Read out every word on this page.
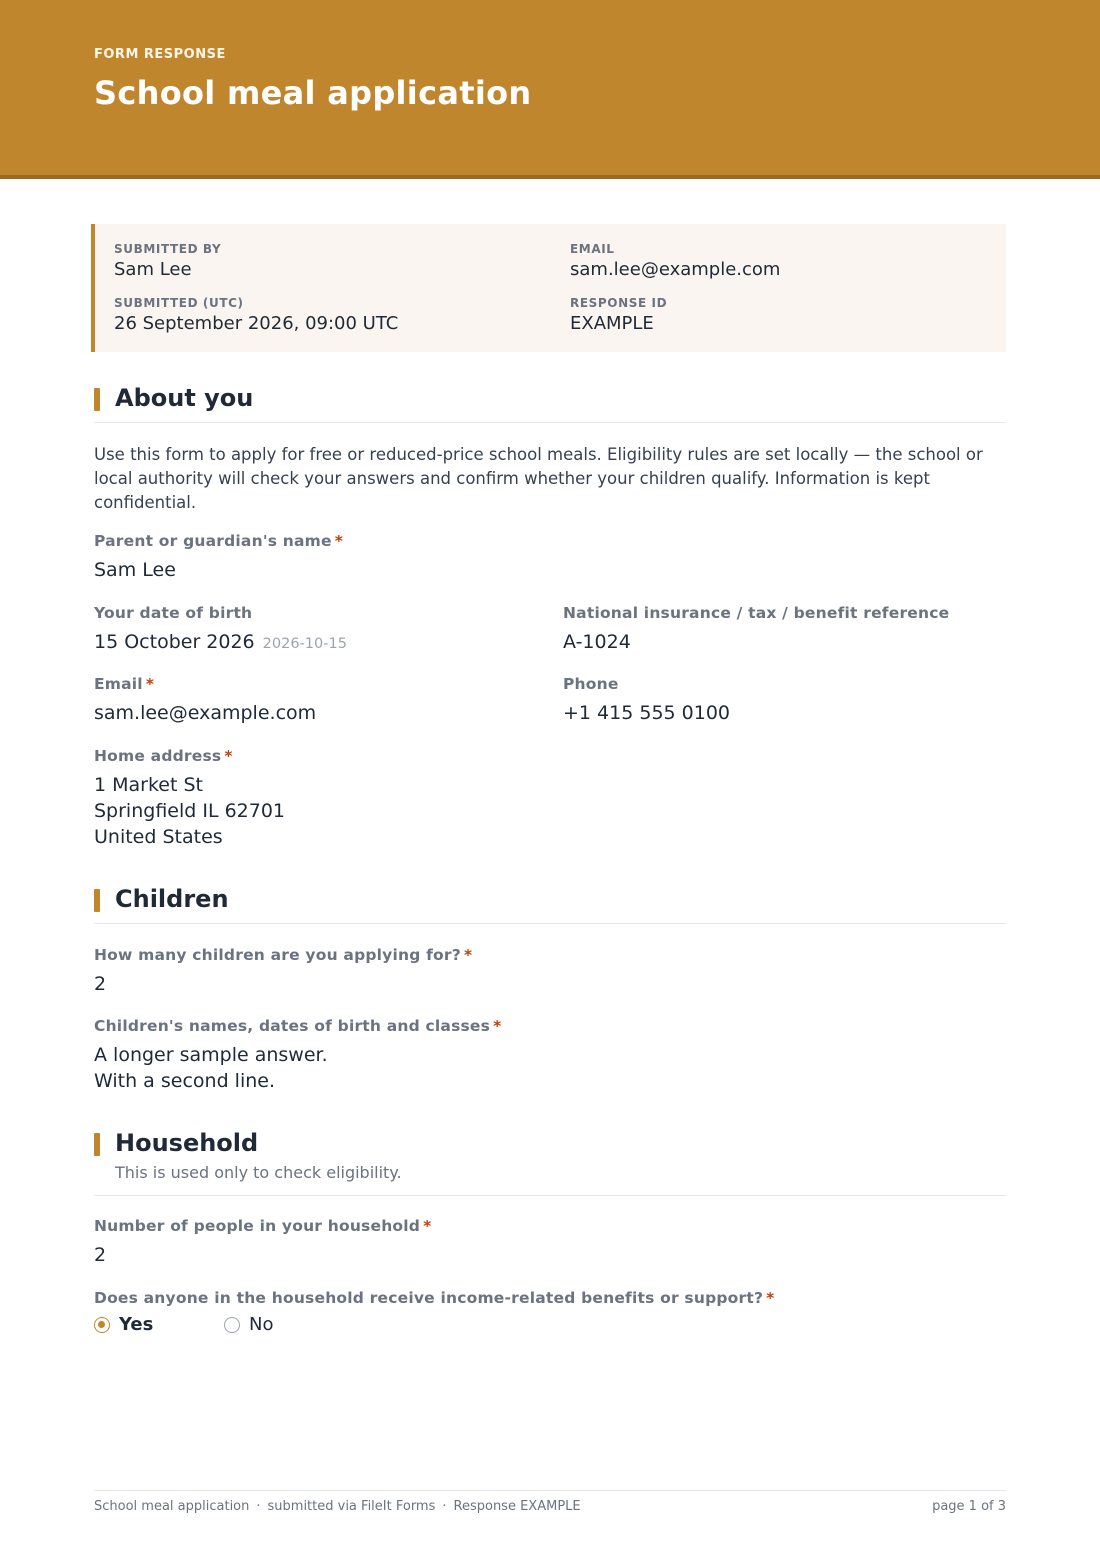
FORM RESPONSE
School meal application
SUBMITTED BY
Sam Lee
EMAIL
sam.lee@example.com
SUBMITTED (UTC)
26 September 2026, 09:00 UTC
RESPONSE ID
EXAMPLE
About you
Use this form to apply for free or reduced-price school meals. Eligibility rules are set locally — the school or local authority will check your answers and confirm whether your children qualify. Information is kept confidential.
Parent or guardian's name *
Sam Lee
Your date of birth
15 October 2026 2026-10-15
National insurance / tax / benefit reference
A-1024
Email *
sam.lee@example.com
Phone
+1 415 555 0100
Home address *
1 Market St
Springfield IL 62701
United States
Children
How many children are you applying for? *
2
Children's names, dates of birth and classes *
A longer sample answer.
With a second line.
Household
This is used only to check eligibility.
Number of people in your household *
2
Does anyone in the household receive income-related benefits or support? *
Yes	No
School meal application · submitted via FileIt Forms · Response EXAMPLE	page 1 of 3
